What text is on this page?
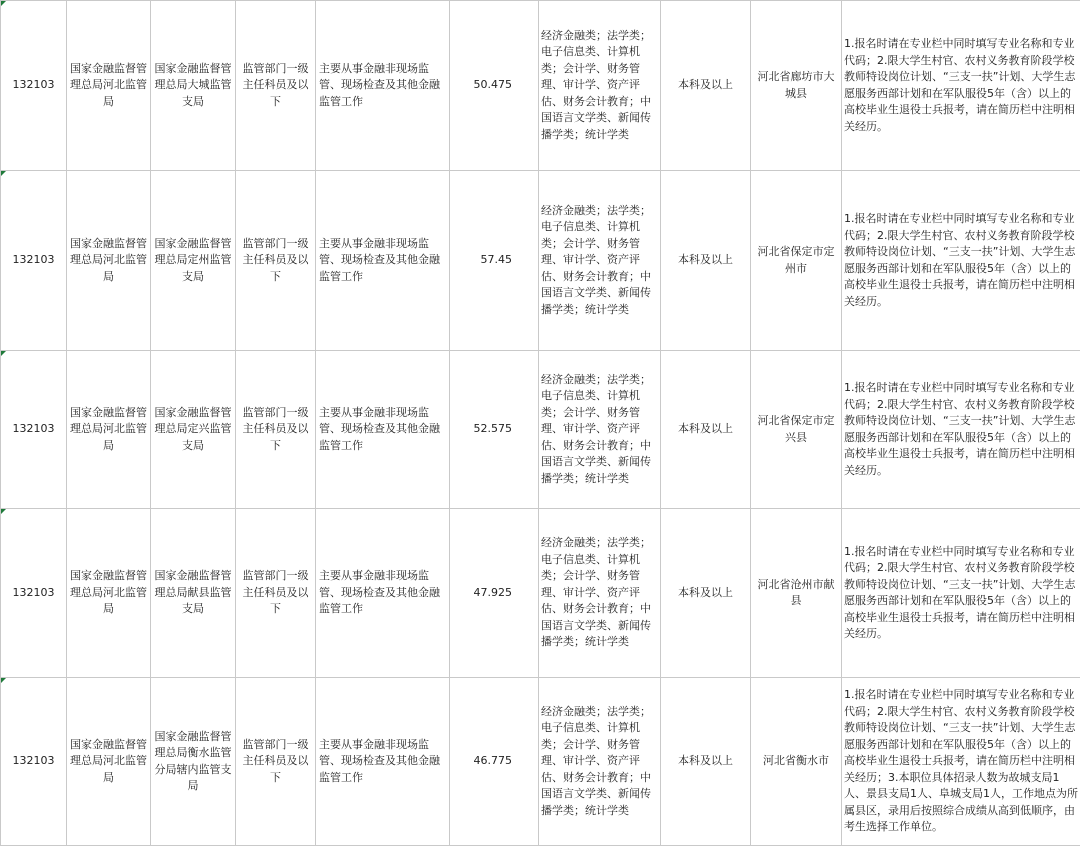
132103	国家金融监督管理总局河北监管局	国家金融监督管理总局大城监管支局	监管部门一级主任科员及以下	主要从事金融非现场监管、现场检查及其他金融监管工作	50.475	经济金融类；法学类；电子信息类、计算机类；会计学、财务管理、审计学、资产评估、财务会计教育；中国语言文学类、新闻传播学类；统计学类	本科及以上	河北省廊坊市大城县	1.报名时请在专业栏中同时填写专业名称和专业代码；2.限大学生村官、农村义务教育阶段学校教师特设岗位计划、“三支一扶”计划、大学生志愿服务西部计划和在军队服役5年（含）以上的高校毕业生退役士兵报考，请在简历栏中注明相关经历。

132103	国家金融监督管理总局河北监管局	国家金融监督管理总局定州监管支局	监管部门一级主任科员及以下	主要从事金融非现场监管、现场检查及其他金融监管工作	57.45	经济金融类；法学类；电子信息类、计算机类；会计学、财务管理、审计学、资产评估、财务会计教育；中国语言文学类、新闻传播学类；统计学类	本科及以上	河北省保定市定州市	1.报名时请在专业栏中同时填写专业名称和专业代码；2.限大学生村官、农村义务教育阶段学校教师特设岗位计划、“三支一扶”计划、大学生志愿服务西部计划和在军队服役5年（含）以上的高校毕业生退役士兵报考，请在简历栏中注明相关经历。

132103	国家金融监督管理总局河北监管局	国家金融监督管理总局定兴监管支局	监管部门一级主任科员及以下	主要从事金融非现场监管、现场检查及其他金融监管工作	52.575	经济金融类；法学类；电子信息类、计算机类；会计学、财务管理、审计学、资产评估、财务会计教育；中国语言文学类、新闻传播学类；统计学类	本科及以上	河北省保定市定兴县	1.报名时请在专业栏中同时填写专业名称和专业代码；2.限大学生村官、农村义务教育阶段学校教师特设岗位计划、“三支一扶”计划、大学生志愿服务西部计划和在军队服役5年（含）以上的高校毕业生退役士兵报考，请在简历栏中注明相关经历。

132103	国家金融监督管理总局河北监管局	国家金融监督管理总局献县监管支局	监管部门一级主任科员及以下	主要从事金融非现场监管、现场检查及其他金融监管工作	47.925	经济金融类；法学类；电子信息类、计算机类；会计学、财务管理、审计学、资产评估、财务会计教育；中国语言文学类、新闻传播学类；统计学类	本科及以上	河北省沧州市献县	1.报名时请在专业栏中同时填写专业名称和专业代码；2.限大学生村官、农村义务教育阶段学校教师特设岗位计划、“三支一扶”计划、大学生志愿服务西部计划和在军队服役5年（含）以上的高校毕业生退役士兵报考，请在简历栏中注明相关经历。

132103	国家金融监督管理总局河北监管局	国家金融监督管理总局衡水监管分局辖内监管支局	监管部门一级主任科员及以下	主要从事金融非现场监管、现场检查及其他金融监管工作	46.775	经济金融类；法学类；电子信息类、计算机类；会计学、财务管理、审计学、资产评估、财务会计教育；中国语言文学类、新闻传播学类；统计学类	本科及以上	河北省衡水市	1.报名时请在专业栏中同时填写专业名称和专业代码；2.限大学生村官、农村义务教育阶段学校教师特设岗位计划、“三支一扶”计划、大学生志愿服务西部计划和在军队服役5年（含）以上的高校毕业生退役士兵报考，请在简历栏中注明相关经历；3.本职位具体招录人数为故城支局1人、景县支局1人、阜城支局1人，工作地点为所属县区，录用后按照综合成绩从高到低顺序，由考生选择工作单位。
